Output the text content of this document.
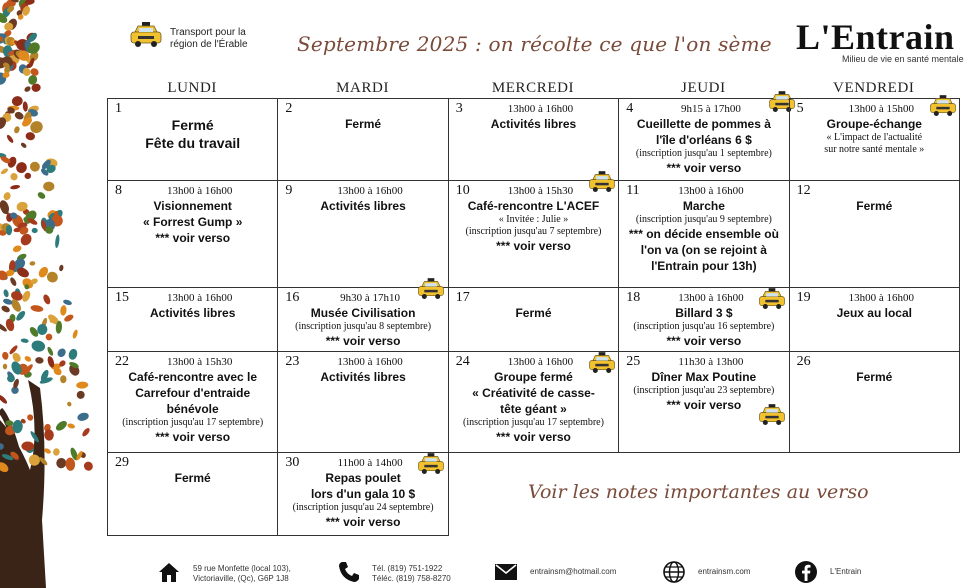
Transport pour la
région de l'Érable Septembre 2025 : on récolte ce que l'on sème L'Entrain
Milieu de vie en santé mentale
LUNDI	MARDI	MERCREDI	JEUDI	VENDREDI
1

Fermé
Fête du travail
2

Fermé
3	13h00 à 16h00
Activités libres
4	9h15 à 17h00
Cueillette de pommes à
l'île d'orléans 6 $
(inscription jusqu'au 1 septembre)
*** voir verso
5	13h00 à 15h00
Groupe-échange
« L'impact de l'actualité
sur notre santé mentale »
8	13h00 à 16h00
Visionnement
« Forrest Gump »
*** voir verso
9	13h00 à 16h00
Activités libres
10	13h00 à 15h30
Café-rencontre L'ACEF
« Invitée : Julie »
(inscription jusqu'au 7 septembre)
*** voir verso
11	13h00 à 16h00
Marche
(inscription jusqu'au 9 septembre)
*** on décide ensemble où
l'on va (on se rejoint à
l'Entrain pour 13h)
12

Fermé
15	13h00 à 16h00
Activités libres
16	9h30 à 17h10
Musée Civilisation
(inscription jusqu'au 8 septembre)
*** voir verso
17

Fermé
18	13h00 à 16h00
Billard 3 $
(inscription jusqu'au 16 septembre)
*** voir verso
19	13h00 à 16h00
Jeux au local
22	13h00 à 15h30
Café-rencontre avec le
Carrefour d'entraide
bénévole
(inscription jusqu'au 17 septembre)
*** voir verso
23	13h00 à 16h00
Activités libres
24	13h00 à 16h00
Groupe fermé
« Créativité de casse-
tête géant »
(inscription jusqu'au 17 septembre)
*** voir verso
25	11h30 à 13h00
Dîner Max Poutine
(inscription jusqu'au 23 septembre)
*** voir verso
26

Fermé
29

Fermé
30	11h00 à 14h00
Repas poulet
lors d'un gala 10 $
(inscription jusqu'au 24 septembre)
*** voir verso
Voir les notes importantes au verso
59 rue Monfette (local 103),
Victoriaville, (Qc), G6P 1J8
Tél. (819) 751-1922
Téléc. (819) 758-8270
entrainsm@hotmail.com	entrainsm.com	L'Entrain
